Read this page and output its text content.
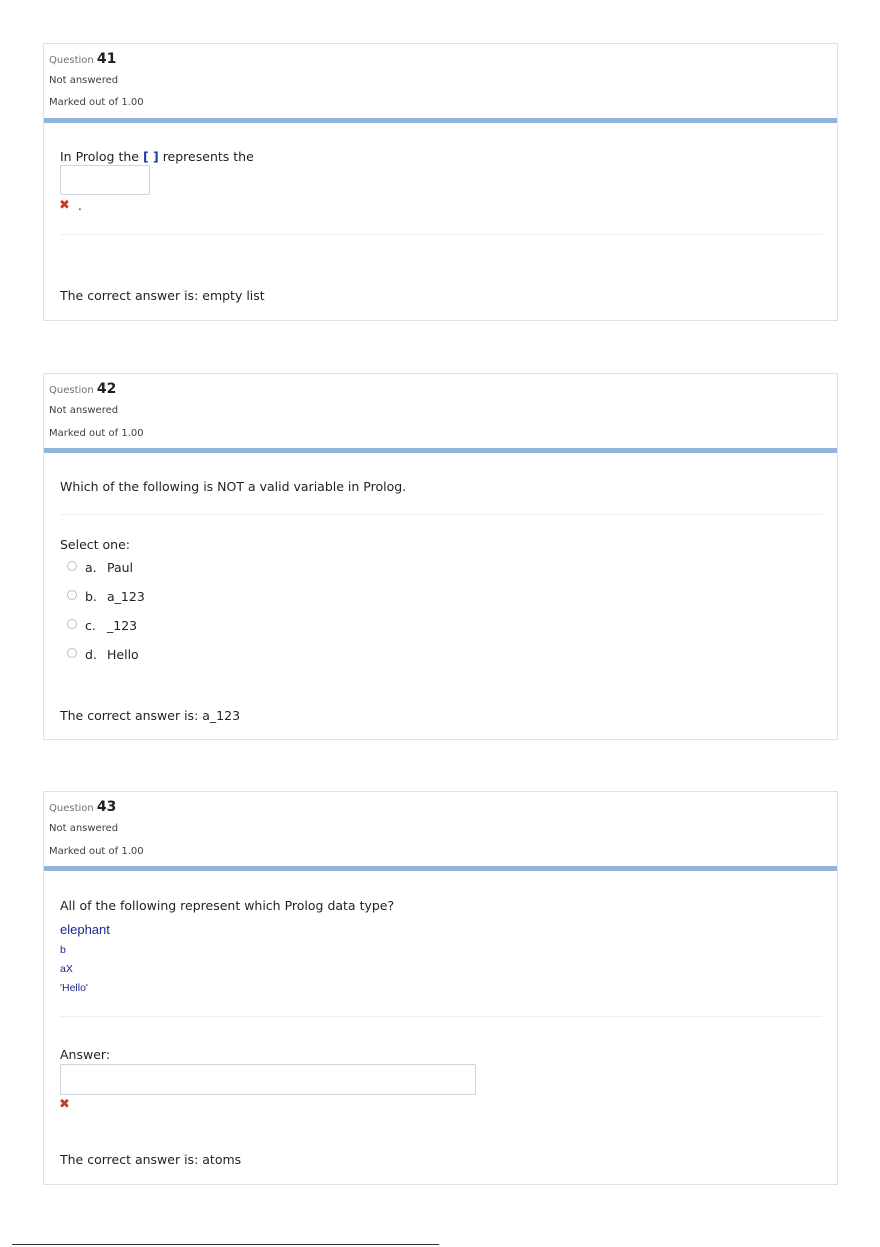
Question 41
Not answered
Marked out of 1.00
In Prolog the [ ] represents the
✖ .
The correct answer is: empty list
Question 42
Not answered
Marked out of 1.00
Which of the following is NOT a valid variable in Prolog.
Select one:
a. Paul
b. a_123
c. _123
d. Hello
The correct answer is: a_123
Question 43
Not answered
Marked out of 1.00
All of the following represent which Prolog data type?
elephant
b
aX
'Hello'
Answer:
✖
The correct answer is: atoms
